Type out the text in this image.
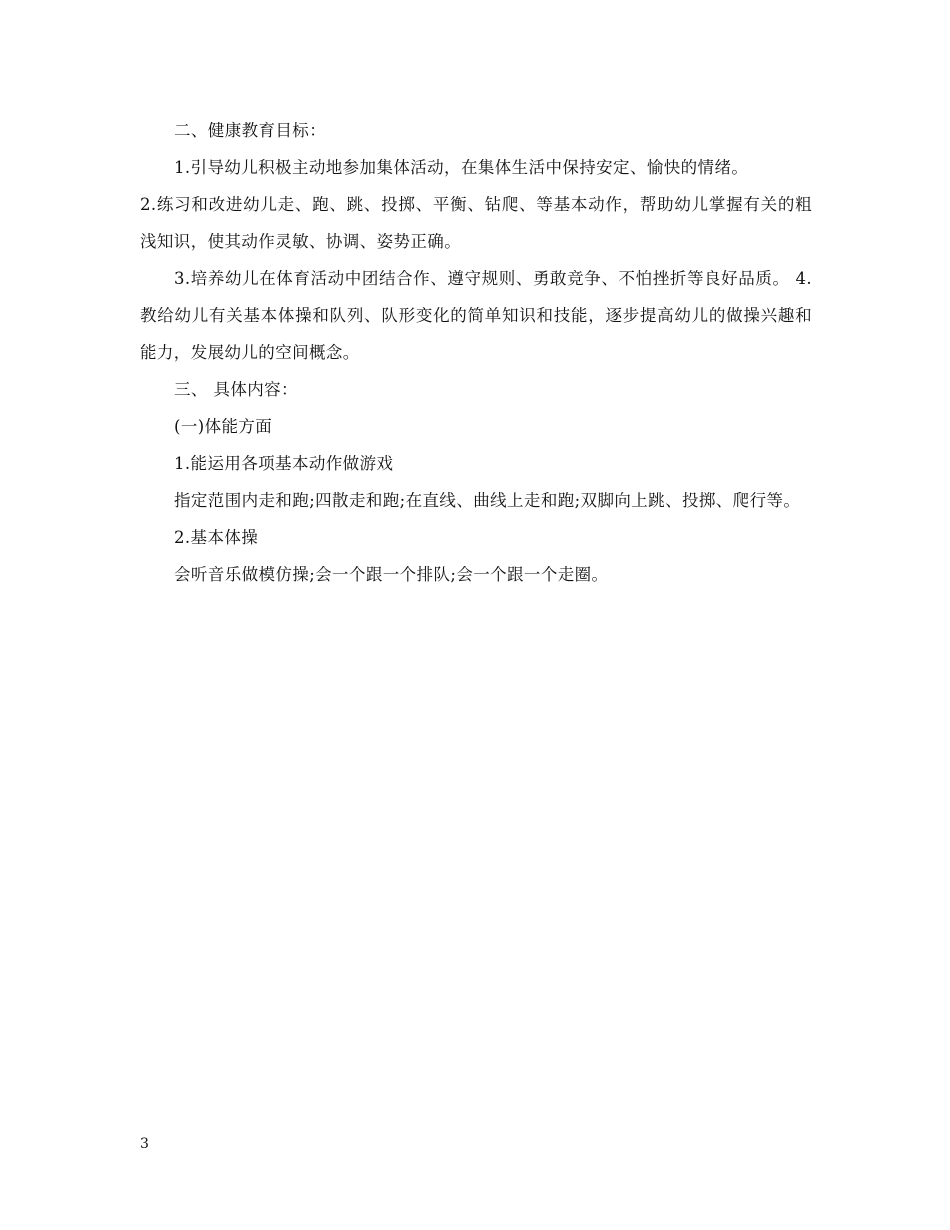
二、健康教育目标：

1.引导幼儿积极主动地参加集体活动，在集体生活中保持安定、愉快的情绪。

2.练习和改进幼儿走、跑、跳、投掷、平衡、钻爬、等基本动作，帮助幼儿掌握有关的粗浅知识，使其动作灵敏、协调、姿势正确。

3.培养幼儿在体育活动中团结合作、遵守规则、勇敢竞争、不怕挫折等良好品质。 4.教给幼儿有关基本体操和队列、队形变化的简单知识和技能，逐步提高幼儿的做操兴趣和能力，发展幼儿的空间概念。

三、 具体内容：

(一)体能方面

1.能运用各项基本动作做游戏

指定范围内走和跑;四散走和跑;在直线、曲线上走和跑;双脚向上跳、投掷、爬行等。

2.基本体操

会听音乐做模仿操;会一个跟一个排队;会一个跟一个走圈。

3
